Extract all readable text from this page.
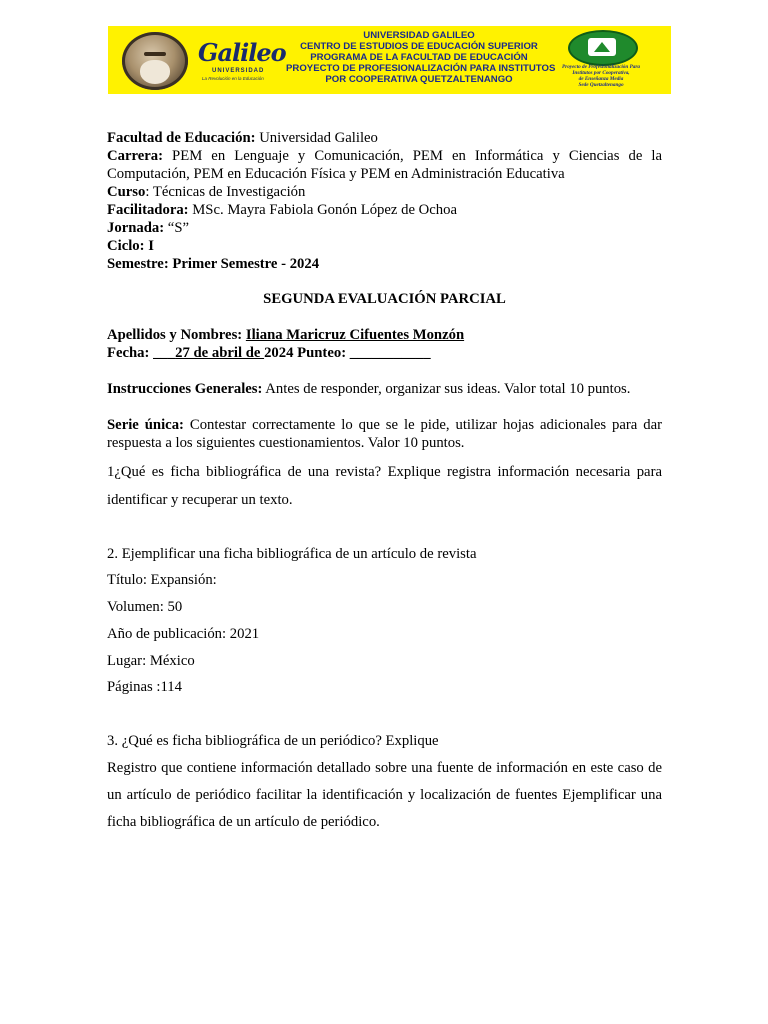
Galileo
UNIVERSIDAD
La Revolución en la Educación
UNIVERSIDAD GALILEO
CENTRO DE ESTUDIOS DE EDUCACIÓN SUPERIOR
PROGRAMA DE LA FACULTAD DE EDUCACIÓN
PROYECTO DE PROFESIONALIZACIÓN PARA INSTITUTOS
POR COOPERATIVA QUETZALTENANGO
Proyecto de Profesionalización Para
Institutos por Cooperativa,
de Enseñanza Media
Sede Quetzaltenango
Facultad de Educación: Universidad Galileo
Carrera: PEM en Lenguaje y Comunicación, PEM en Informática y Ciencias de la
Computación, PEM en Educación Física y PEM en Administración Educativa
Curso: Técnicas de Investigación
Facilitadora: MSc. Mayra Fabiola Gonón López de Ochoa
Jornada: “S”
Ciclo: I
Semestre: Primer Semestre - 2024
SEGUNDA EVALUACIÓN PARCIAL
Apellidos y Nombres: Iliana Maricruz Cifuentes Monzón
Fecha: ___27 de abril de 2024 Punteo: ___________
Instrucciones Generales: Antes de responder, organizar sus ideas. Valor total 10 puntos.
Serie única: Contestar correctamente lo que se le pide, utilizar hojas adicionales para dar
respuesta a los siguientes cuestionamientos. Valor 10 puntos.
1¿Qué es ficha bibliográfica de una revista? Explique registra información necesaria para
identificar y recuperar un texto.
2. Ejemplificar una ficha bibliográfica de un artículo de revista
Título: Expansión:
Volumen: 50
Año de publicación: 2021
Lugar: México
Páginas :114
3. ¿Qué es ficha bibliográfica de un periódico? Explique
Registro que contiene información detallado sobre una fuente de información en este caso de
un artículo de periódico facilitar la identificación y localización de fuentes Ejemplificar una
ficha bibliográfica de un artículo de periódico.
